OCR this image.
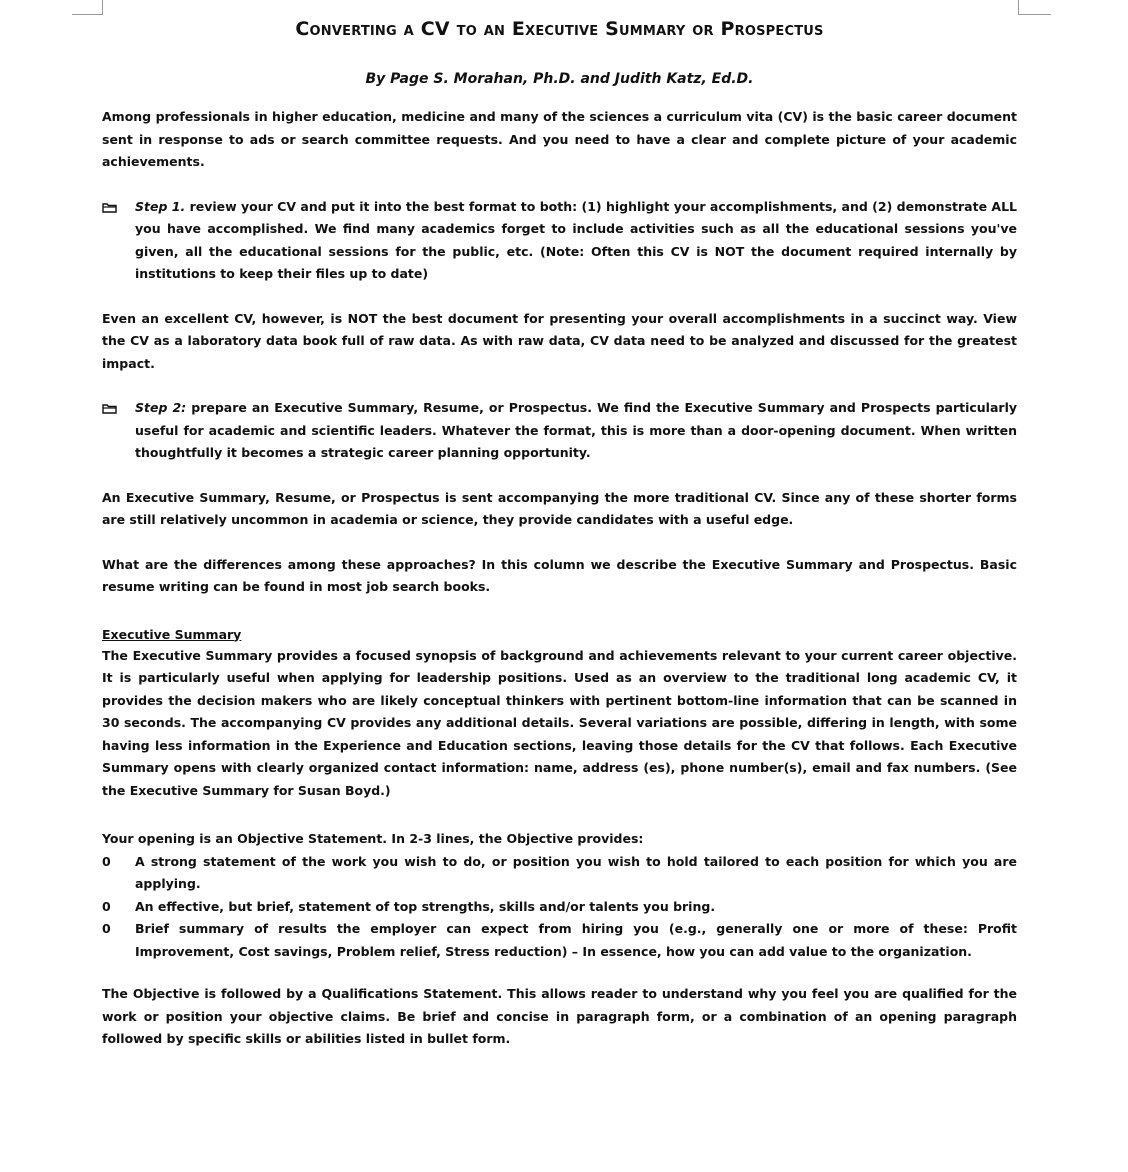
Converting a CV to an Executive Summary or Prospectus
By Page S. Morahan, Ph.D. and Judith Katz, Ed.D.

Among professionals in higher education, medicine and many of the sciences a curriculum vita (CV) is the basic career document sent in response to ads or search committee requests. And you need to have a clear and complete picture of your academic achievements.

Step 1. review your CV and put it into the best format to both: (1) highlight your accomplishments, and (2) demonstrate ALL you have accomplished. We find many academics forget to include activities such as all the educational sessions you've given, all the educational sessions for the public, etc. (Note: Often this CV is NOT the document required internally by institutions to keep their files up to date)

Even an excellent CV, however, is NOT the best document for presenting your overall accomplishments in a succinct way. View the CV as a laboratory data book full of raw data. As with raw data, CV data need to be analyzed and discussed for the greatest impact.

Step 2: prepare an Executive Summary, Resume, or Prospectus. We find the Executive Summary and Prospects particularly useful for academic and scientific leaders. Whatever the format, this is more than a door-opening document. When written thoughtfully it becomes a strategic career planning opportunity.

An Executive Summary, Resume, or Prospectus is sent accompanying the more traditional CV. Since any of these shorter forms are still relatively uncommon in academia or science, they provide candidates with a useful edge.

What are the differences among these approaches? In this column we describe the Executive Summary and Prospectus. Basic resume writing can be found in most job search books.

Executive Summary

The Executive Summary provides a focused synopsis of background and achievements relevant to your current career objective. It is particularly useful when applying for leadership positions. Used as an overview to the traditional long academic CV, it provides the decision makers who are likely conceptual thinkers with pertinent bottom-line information that can be scanned in 30 seconds. The accompanying CV provides any additional details. Several variations are possible, differing in length, with some having less information in the Experience and Education sections, leaving those details for the CV that follows. Each Executive Summary opens with clearly organized contact information: name, address (es), phone number(s), email and fax numbers. (See the Executive Summary for Susan Boyd.)

Your opening is an Objective Statement. In 2-3 lines, the Objective provides:

0	A strong statement of the work you wish to do, or position you wish to hold tailored to each position for which you are applying.
0	An effective, but brief, statement of top strengths, skills and/or talents you bring.
0	Brief summary of results the employer can expect from hiring you (e.g., generally one or more of these: Profit Improvement, Cost savings, Problem relief, Stress reduction) – In essence, how you can add value to the organization.

The Objective is followed by a Qualifications Statement. This allows reader to understand why you feel you are qualified for the work or position your objective claims. Be brief and concise in paragraph form, or a combination of an opening paragraph followed by specific skills or abilities listed in bullet form.
